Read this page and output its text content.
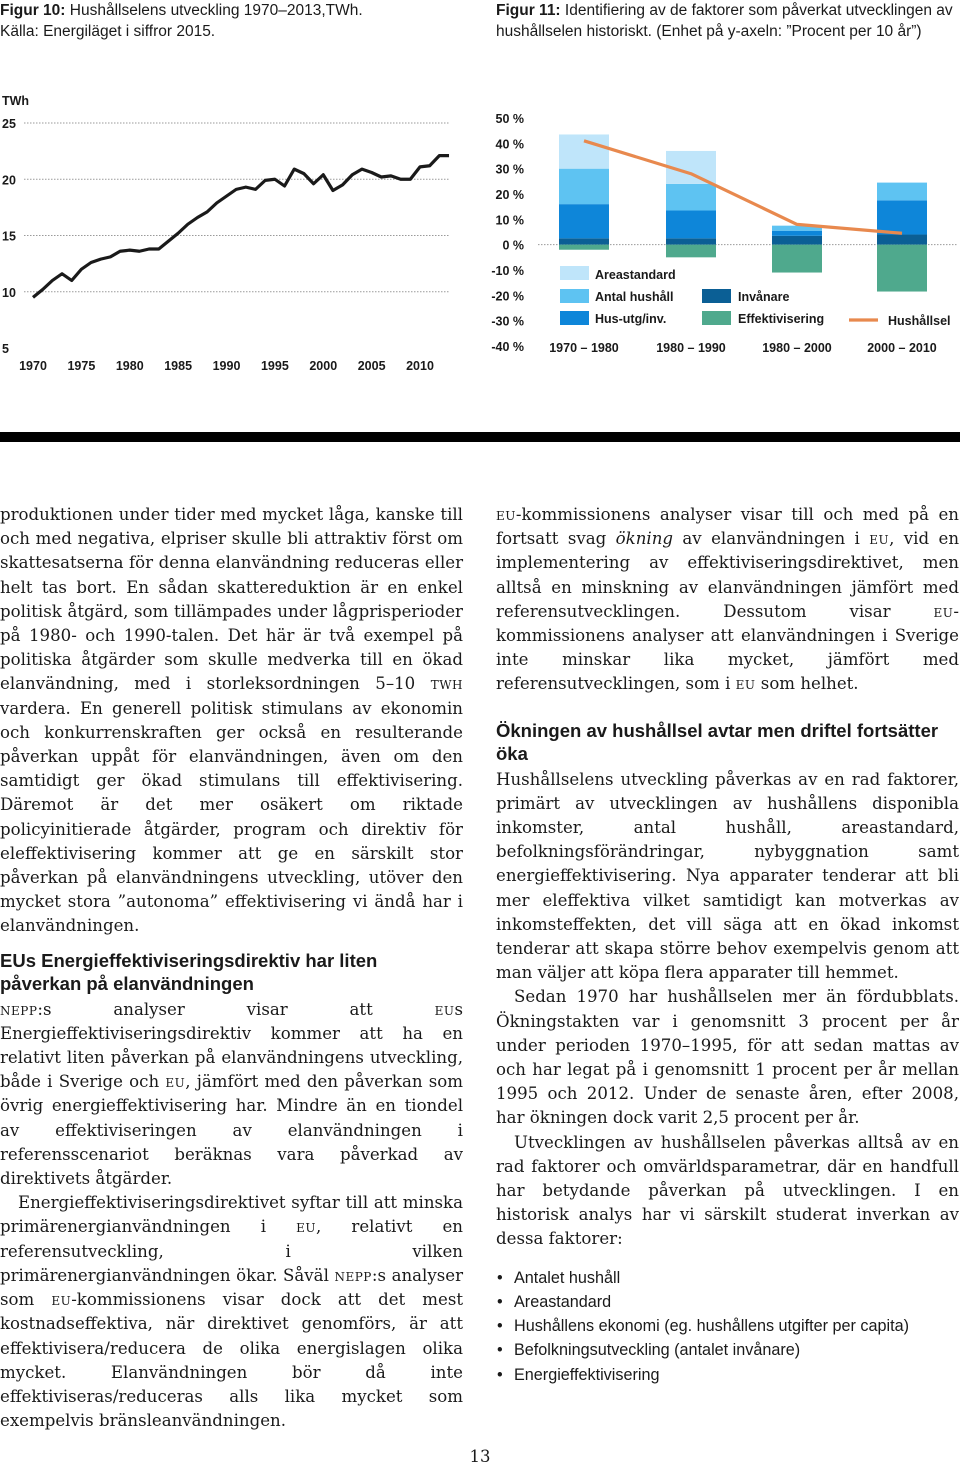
Figur 10: Hushållselens utveckling 1970–2013,TWh.
Källa: Energiläget i siffror 2015.
Figur 11: Identifiering av de faktorer som påverkat utvecklingen av hushållselen historiskt. (Enhet på y-axeln: ”Procent per 10 år”)
25
20
15
10
5
1970 1975 1980 1985 1990 1995 2000 2005 2010
TWh
50 %
40 %
30 %
20 %
10 %
0 %
-10 %
-20 %
-30 %
-40 % 1970 – 1980	1980 – 1990	1980 – 2000	2000 – 2010
Areastandard
Antal hushåll	Invånare
Hus-utg/inv.	Effektivisering	Hushållsel

produktionen under tider med mycket låga, kanske till och med negativa, elpriser skulle bli attraktiv först om skattesatserna för denna elanvändning reduceras eller helt tas bort. En sådan skattereduktion är en enkel politisk åtgärd, som tillämpades under lågprisperioder på 1980- och 1990-talen. Det här är två exempel på politiska åtgärder som skulle medverka till en ökad elanvändning, med i storleksordningen 5–10 twh vardera. En generell politisk stimulans av ekonomin och konkurrenskraften ger också en resulterande påverkan uppåt för elanvändningen, även om den samtidigt ger ökad stimulans till effektivisering. Däremot är det mer osäkert om riktade policyinitierade åtgärder, program och direktiv för eleffektivisering kommer att ge en särskilt stor påverkan på elanvändningens utveckling, utöver den mycket stora ”autonoma” effektivisering vi ändå har i elanvändningen.

EUs Energieffektiviseringsdirektiv har liten påverkan på elanvändningen

nepp:s analyser visar att eus Energieffektiviseringsdirektiv kommer att ha en relativt liten påverkan på elanvändningens utveckling, både i Sverige och eu, jämfört med den påverkan som övrig energieffektivisering har. Mindre än en tiondel av effektiviseringen av elanvändningen i referensscenariot beräknas vara påverkad av direktivets åtgärder.

Energieffektiviseringsdirektivet syftar till att minska primärenergianvändningen i eu, relativt en referensutveckling, i vilken primärenergianvändningen ökar. Såväl nepp:s analyser som eu-kommissionens visar dock att det mest kostnadseffektiva, när direktivet genomförs, är att effektivisera/reducera de olika energislagen olika mycket. Elanvändningen bör då inte effektiviseras/reduceras alls lika mycket som exempelvis bränsleanvändningen.

eu-kommissionens analyser visar till och med på en fortsatt svag ökning av elanvändningen i eu, vid en implementering av effektiviseringsdirektivet, men alltså en minskning av elanvändningen jämfört med referensutvecklingen. Dessutom visar eu-kommissionens analyser att elanvändningen i Sverige inte minskar lika mycket, jämfört med referensutvecklingen, som i eu som helhet.

Ökningen av hushållsel avtar men driftel fortsätter öka

Hushållselens utveckling påverkas av en rad faktorer, primärt av utvecklingen av hushållens disponibla inkomster, antal hushåll, areastandard, befolkningsförändringar, nybyggnation samt energieffektivisering. Nya apparater tenderar att bli mer eleffektiva vilket samtidigt kan motverkas av inkomsteffekten, det vill säga att en ökad inkomst tenderar att skapa större behov exempelvis genom att man väljer att köpa flera apparater till hemmet.

Sedan 1970 har hushållselen mer än fördubblats. Ökningstakten var i genomsnitt 3 procent per år under perioden 1970–1995, för att sedan mattas av och har legat på i genomsnitt 1 procent per år mellan 1995 och 2012. Under de senaste åren, efter 2008, har ökningen dock varit 2,5 procent per år.

Utvecklingen av hushållselen påverkas alltså av en rad faktorer och omvärldsparametrar, där en handfull har betydande påverkan på utvecklingen. I en historisk analys har vi särskilt studerat inverkan av dessa faktorer:

• Antalet hushåll
• Areastandard
• Hushållens ekonomi (eg. hushållens utgifter per capita)
• Befolkningsutveckling (antalet invånare)
• Energieffektivisering
13
